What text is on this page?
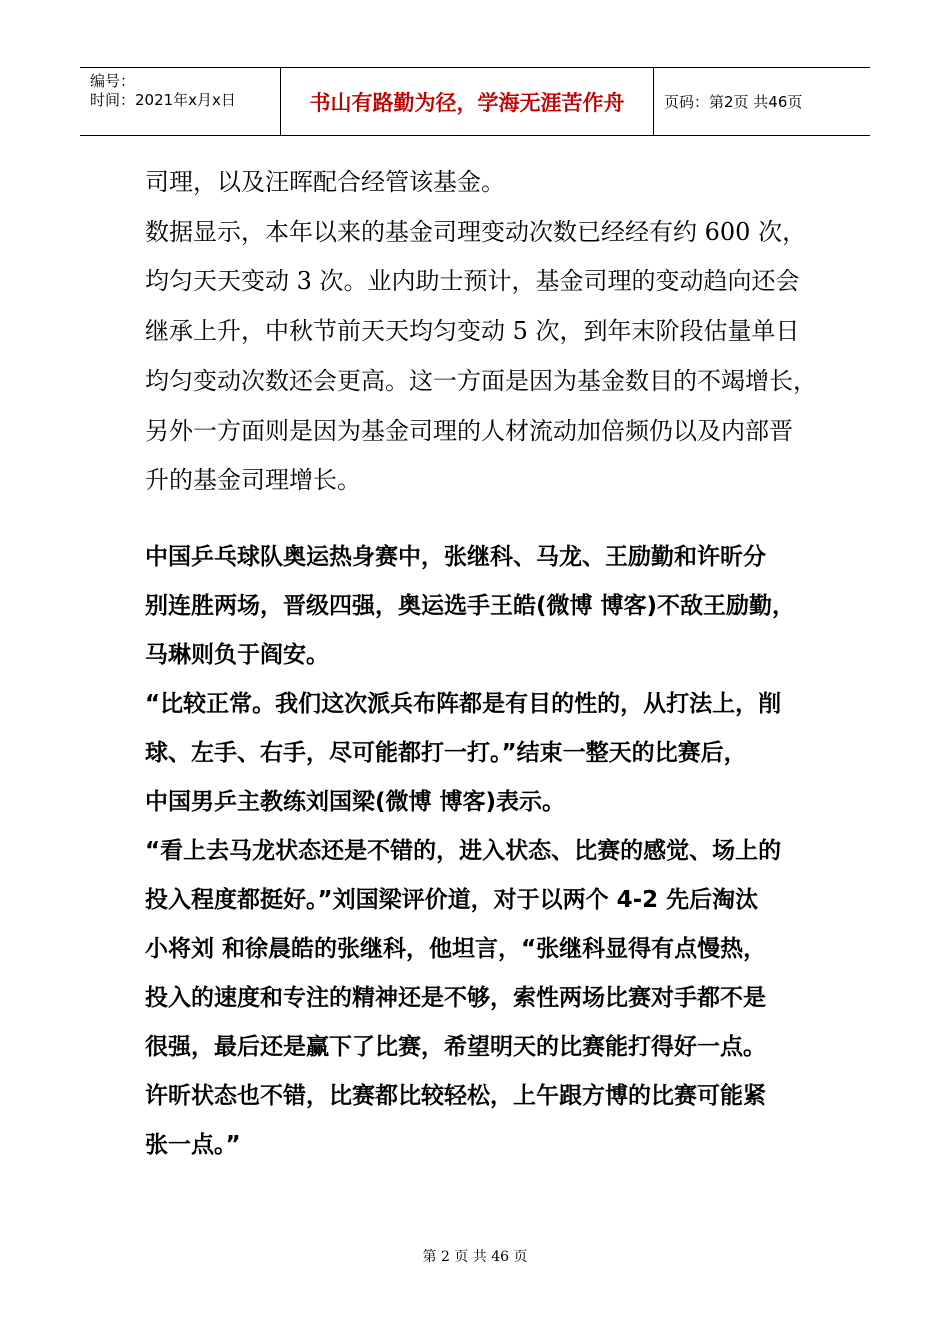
编号：
时间：2021年x月x日	书山有路勤为径，学海无涯苦作舟	页码：第2页 共46页
司理，以及汪晖配合经管该基金。
数据显示，本年以来的基金司理变动次数已经经有约 600 次，
均匀天天变动 3 次。业内助士预计，基金司理的变动趋向还会
继承上升，中秋节前天天均匀变动 5 次，到年末阶段估量单日
均匀变动次数还会更高。这一方面是因为基金数目的不竭增长，
另外一方面则是因为基金司理的人材流动加倍频仍以及内部晋
升的基金司理增长。
中国乒乓球队奥运热身赛中，张继科、马龙、王励勤和许昕分
别连胜两场，晋级四强，奥运选手王皓(微博 博客)不敌王励勤，
马琳则负于阎安。
“比较正常。我们这次派兵布阵都是有目的性的，从打法上，削
球、左手、右手，尽可能都打一打。”结束一整天的比赛后，
中国男乒主教练刘国梁(微博 博客)表示。
“看上去马龙状态还是不错的，进入状态、比赛的感觉、场上的
投入程度都挺好。”刘国梁评价道，对于以两个 4-2 先后淘汰
小将刘 和徐晨皓的张继科，他坦言，“张继科显得有点慢热，
投入的速度和专注的精神还是不够，索性两场比赛对手都不是
很强，最后还是赢下了比赛，希望明天的比赛能打得好一点。
许昕状态也不错，比赛都比较轻松，上午跟方博的比赛可能紧
张一点。”
第 2 页 共 46 页
